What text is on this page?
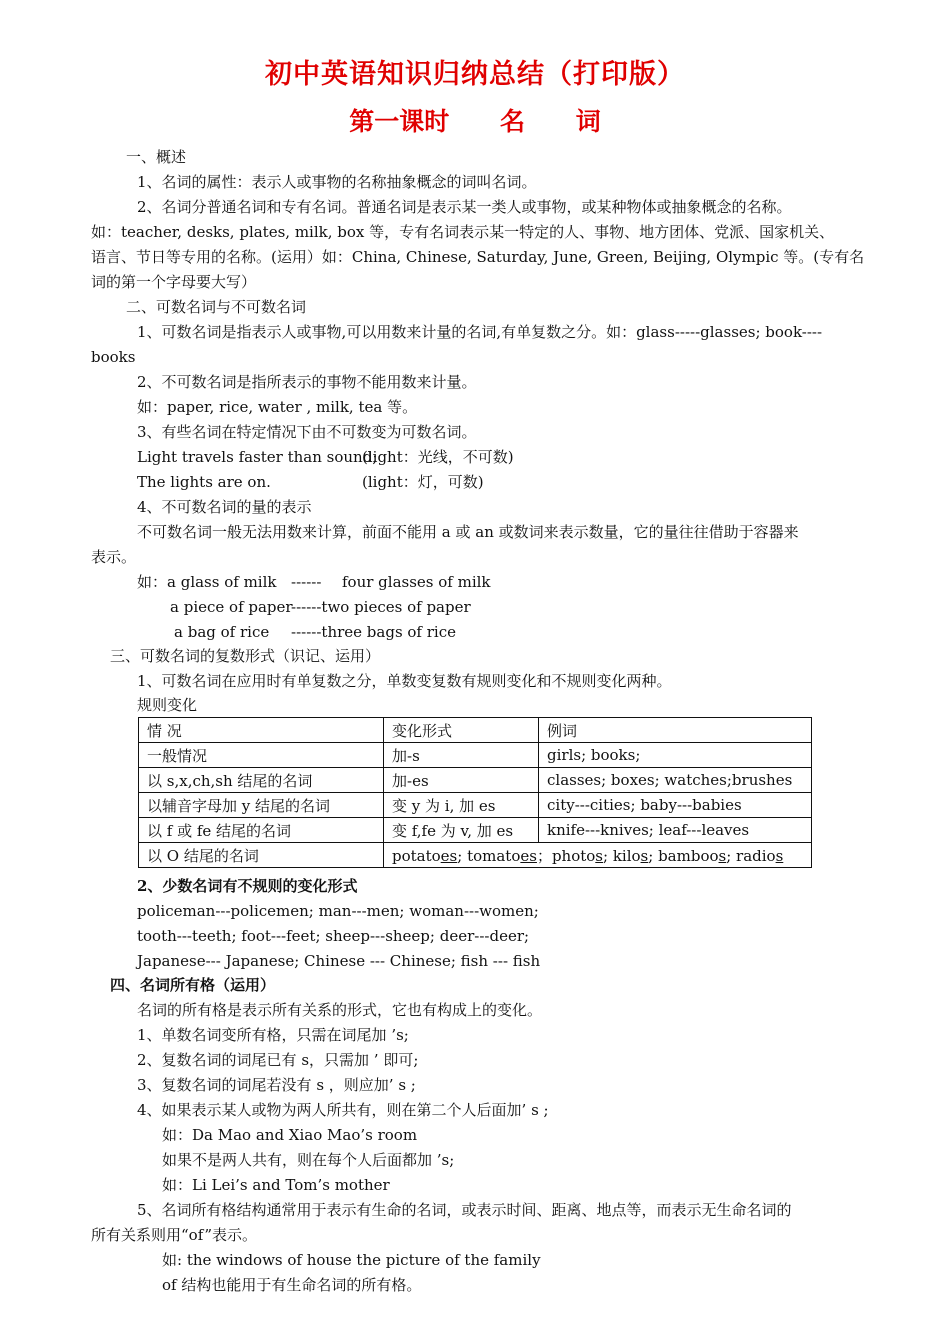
初中英语知识归纳总结（打印版）
第一课时 名 词
一、概述
1、名词的属性：表示人或事物的名称抽象概念的词叫名词。
2、名词分普通名词和专有名词。普通名词是表示某一类人或事物，或某种物体或抽象概念的名称。
如：teacher, desks, plates, milk, box 等，专有名词表示某一特定的人、事物、地方团体、党派、国家机关、
语言、节日等专用的名称。(运用）如：China, Chinese, Saturday, June, Green, Beijing, Olympic 等。(专有名
词的第一个字母要大写）
二、可数名词与不可数名词
1、可数名词是指表示人或事物,可以用数来计量的名词,有单复数之分。如：glass-----glasses; book----
books
2、不可数名词是指所表示的事物不能用数来计量。
如：paper, rice, water , milk, tea 等。
3、有些名词在特定情况下由不可数变为可数名词。
Light travels faster than sound;
(light：光线，不可数)
The lights are on.	(light：灯，可数)
4、不可数名词的量的表示
不可数名词一般无法用数来计算，前面不能用 a 或 an 或数词来表示数量，它的量往往借助于容器来
表示。
如：a glass of milk ------ four glasses of milk
a piece of paper
------two pieces of paper
a bag of rice ------three bags of rice
三、可数名词的复数形式（识记、运用）
1、可数名词在应用时有单复数之分，单数变复数有规则变化和不规则变化两种。
规则变化
情 况	变化形式	例词
一般情况	加-s	girls; books;
以 s,x,ch,sh 结尾的名词	加-es	classes; boxes; watches;brushes
以辅音字母加 y 结尾的名词	变 y 为 i, 加 es	city---cities; baby---babies
以 f 或 fe 结尾的名词	变 f,fe 为 v, 加 es	knife---knives; leaf---leaves
以 O 结尾的名词	potatoes; tomatoes；photos; kilos; bamboos; radios	
2、少数名词有不规则的变化形式
policeman---policemen; man---men; woman---women;
tooth---teeth; foot---feet; sheep---sheep; deer---deer;
Japanese--- Japanese; Chinese --- Chinese; fish --- fish
四、名词所有格（运用）
名词的所有格是表示所有关系的形式，它也有构成上的变化。
1、单数名词变所有格，只需在词尾加 ’s;
2、复数名词的词尾已有 s，只需加 ’ 即可;
3、复数名词的词尾若没有 s ，则应加’ s ;
4、如果表示某人或物为两人所共有，则在第二个人后面加’ s ;
如：Da Mao and Xiao Mao’s room
如果不是两人共有，则在每个人后面都加 ’s;
如：Li Lei’s and Tom’s mother
5、名词所有格结构通常用于表示有生命的名词，或表示时间、距离、地点等，而表示无生命名词的
所有关系则用“of”表示。
如: the windows of house the picture of the family
of 结构也能用于有生命名词的所有格。
